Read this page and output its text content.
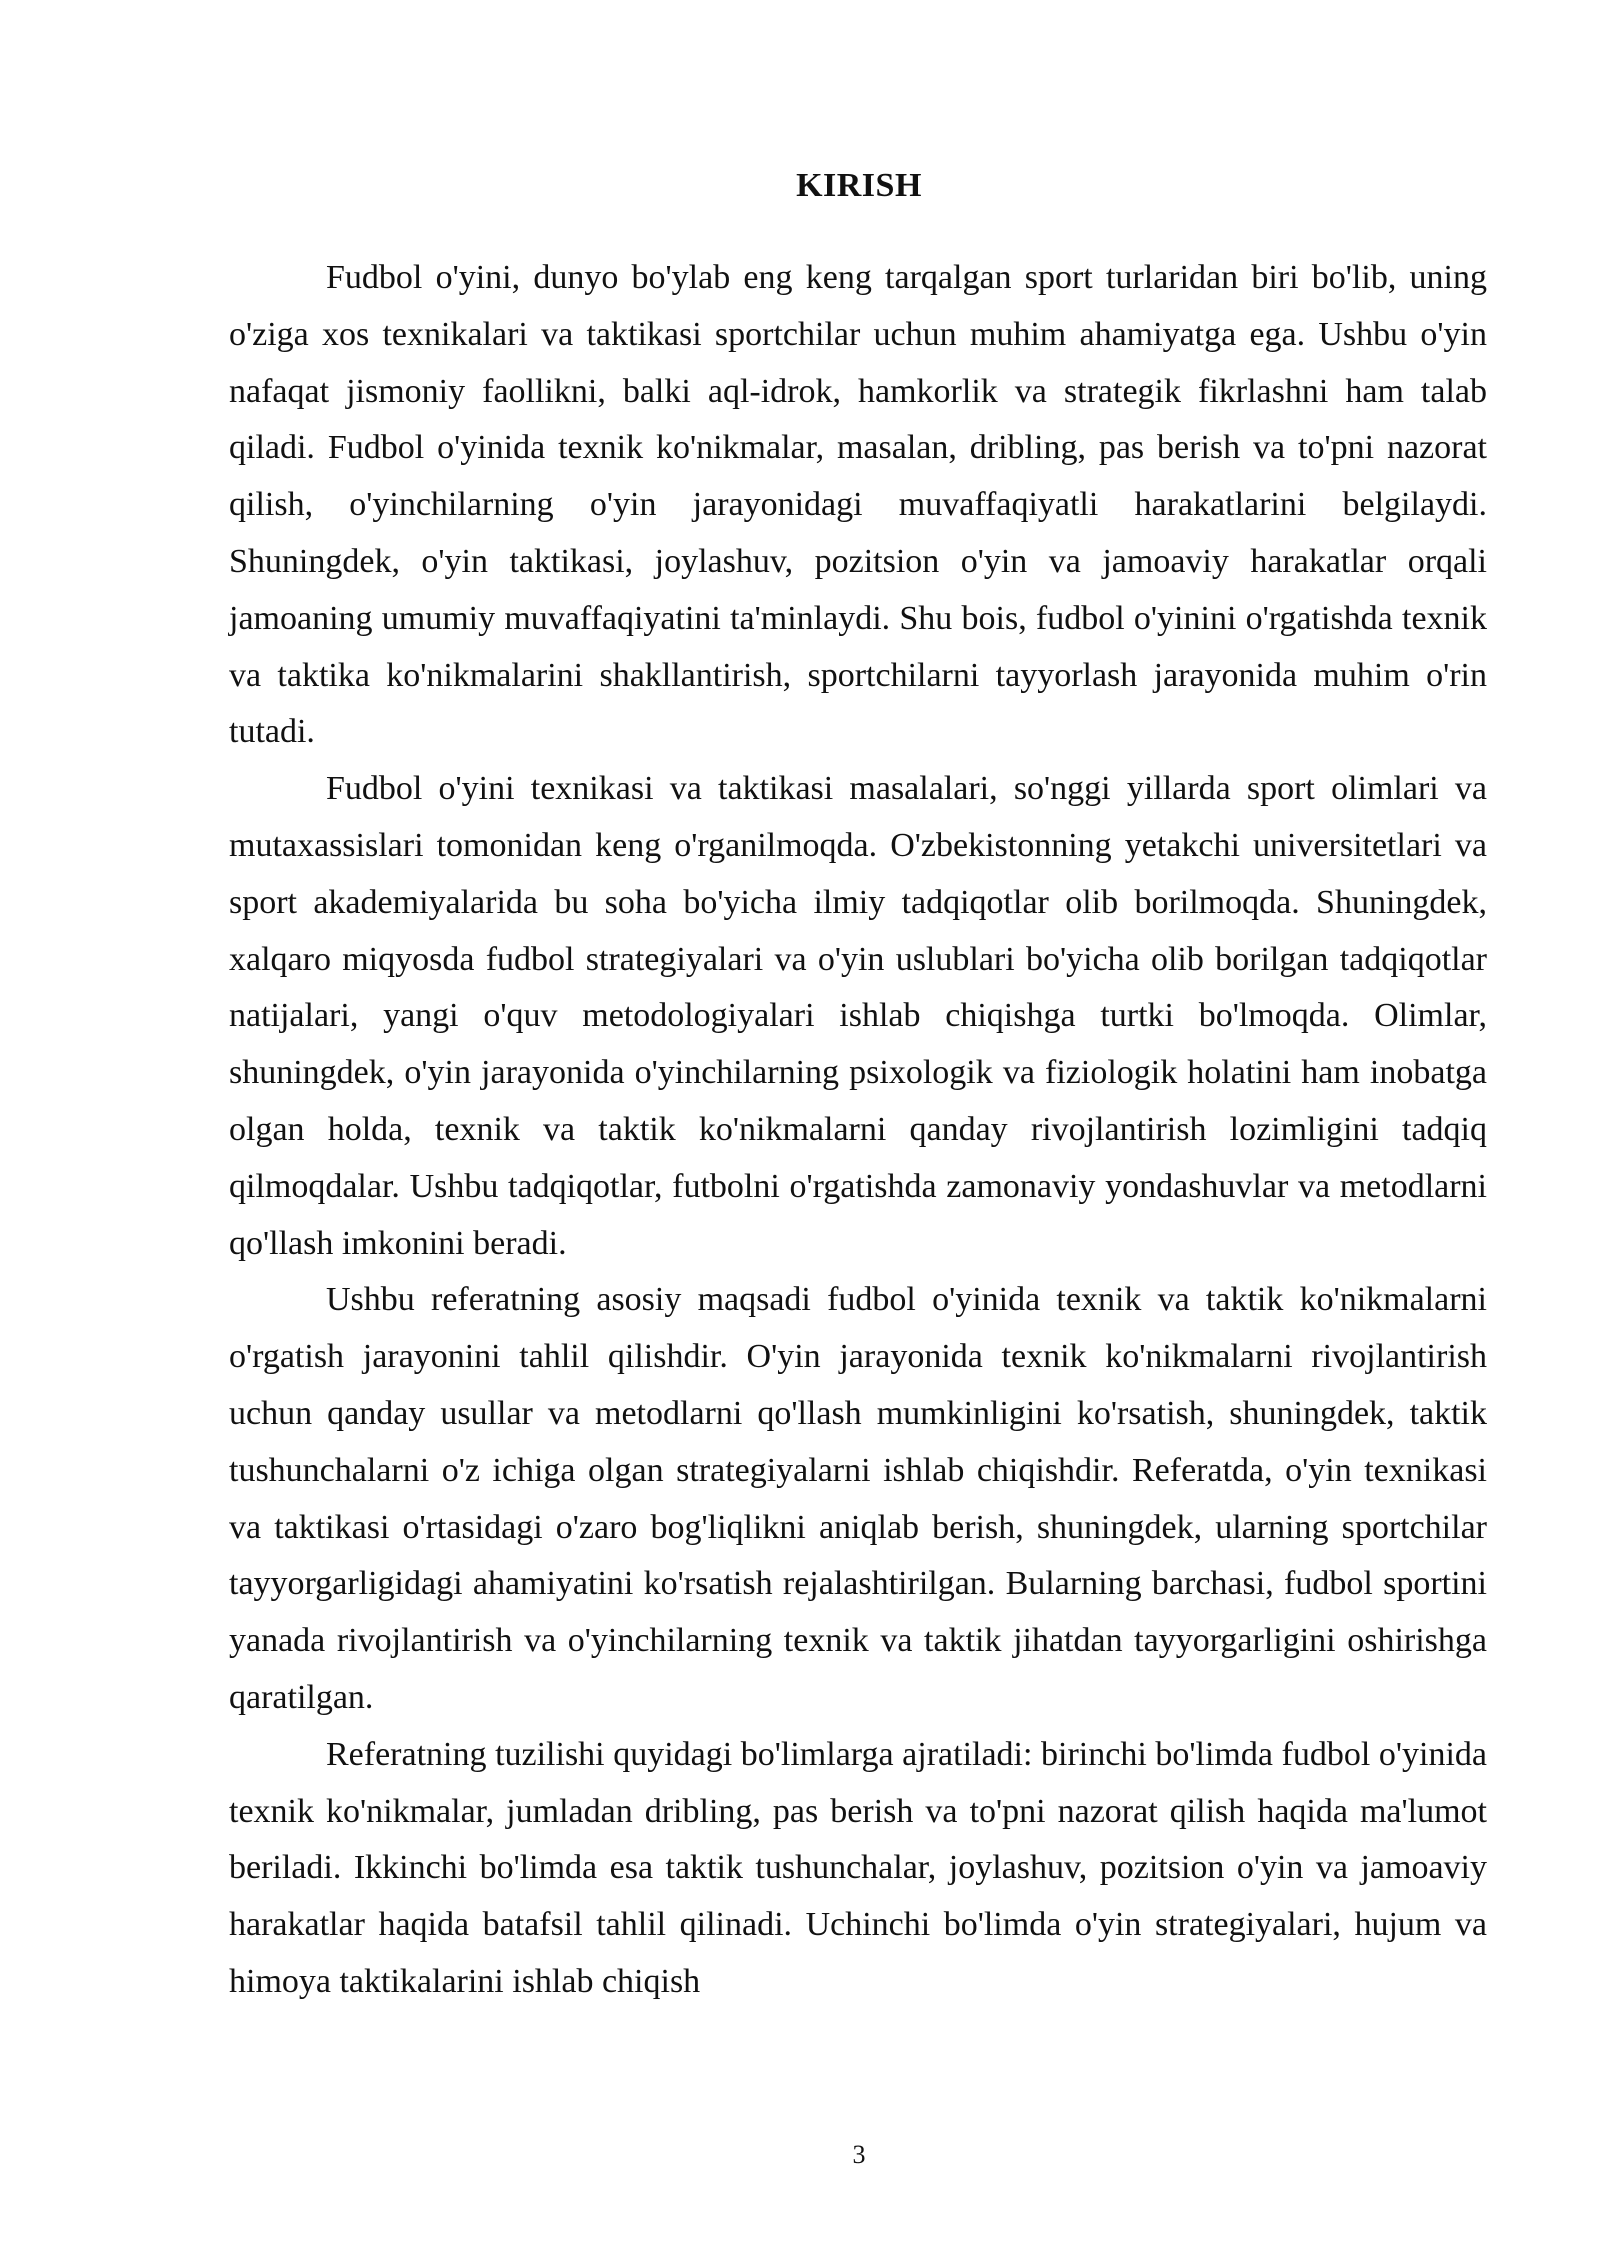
KIRISH

Fudbol o'yini, dunyo bo'ylab eng keng tarqalgan sport turlaridan biri bo'lib, uning o'ziga xos texnikalari va taktikasi sportchilar uchun muhim ahamiyatga ega. Ushbu o'yin nafaqat jismoniy faollikni, balki aql-idrok, hamkorlik va strategik fikrlashni ham talab qiladi. Fudbol o'yinida texnik ko'nikmalar, masalan, dribling, pas berish va to'pni nazorat qilish, o'yinchilarning o'yin jarayonidagi muvaffaqiyatli harakatlarini belgilaydi. Shuningdek, o'yin taktikasi, joylashuv, pozitsion o'yin va jamoaviy harakatlar orqali jamoaning umumiy muvaffaqiyatini ta'minlaydi. Shu bois, fudbol o'yinini o'rgatishda texnik va taktika ko'nikmalarini shakllantirish, sportchilarni tayyorlash jarayonida muhim o'rin tutadi.

Fudbol o'yini texnikasi va taktikasi masalalari, so'nggi yillarda sport olimlari va mutaxassislari tomonidan keng o'rganilmoqda. O'zbekistonning yetakchi universitetlari va sport akademiyalarida bu soha bo'yicha ilmiy tadqiqotlar olib borilmoqda. Shuningdek, xalqaro miqyosda fudbol strategiyalari va o'yin uslublari bo'yicha olib borilgan tadqiqotlar natijalari, yangi o'quv metodologiyalari ishlab chiqishga turtki bo'lmoqda. Olimlar, shuningdek, o'yin jarayonida o'yinchilarning psixologik va fiziologik holatini ham inobatga olgan holda, texnik va taktik ko'nikmalarni qanday rivojlantirish lozimligini tadqiq qilmoqdalar. Ushbu tadqiqotlar, futbolni o'rgatishda zamonaviy yondashuvlar va metodlarni qo'llash imkonini beradi.

Ushbu referatning asosiy maqsadi fudbol o'yinida texnik va taktik ko'nikmalarni o'rgatish jarayonini tahlil qilishdir. O'yin jarayonida texnik ko'nikmalarni rivojlantirish uchun qanday usullar va metodlarni qo'llash mumkinligini ko'rsatish, shuningdek, taktik tushunchalarni o'z ichiga olgan strategiyalarni ishlab chiqishdir. Referatda, o'yin texnikasi va taktikasi o'rtasidagi o'zaro bog'liqlikni aniqlab berish, shuningdek, ularning sportchilar tayyorgarligidagi ahamiyatini ko'rsatish rejalashtirilgan. Bularning barchasi, fudbol sportini yanada rivojlantirish va o'yinchilarning texnik va taktik jihatdan tayyorgarligini oshirishga qaratilgan.

Referatning tuzilishi quyidagi bo'limlarga ajratiladi: birinchi bo'limda fudbol o'yinida texnik ko'nikmalar, jumladan dribling, pas berish va to'pni nazorat qilish haqida ma'lumot beriladi. Ikkinchi bo'limda esa taktik tushunchalar, joylashuv, pozitsion o'yin va jamoaviy harakatlar haqida batafsil tahlil qilinadi. Uchinchi bo'limda o'yin strategiyalari, hujum va himoya taktikalarini ishlab chiqish

3
